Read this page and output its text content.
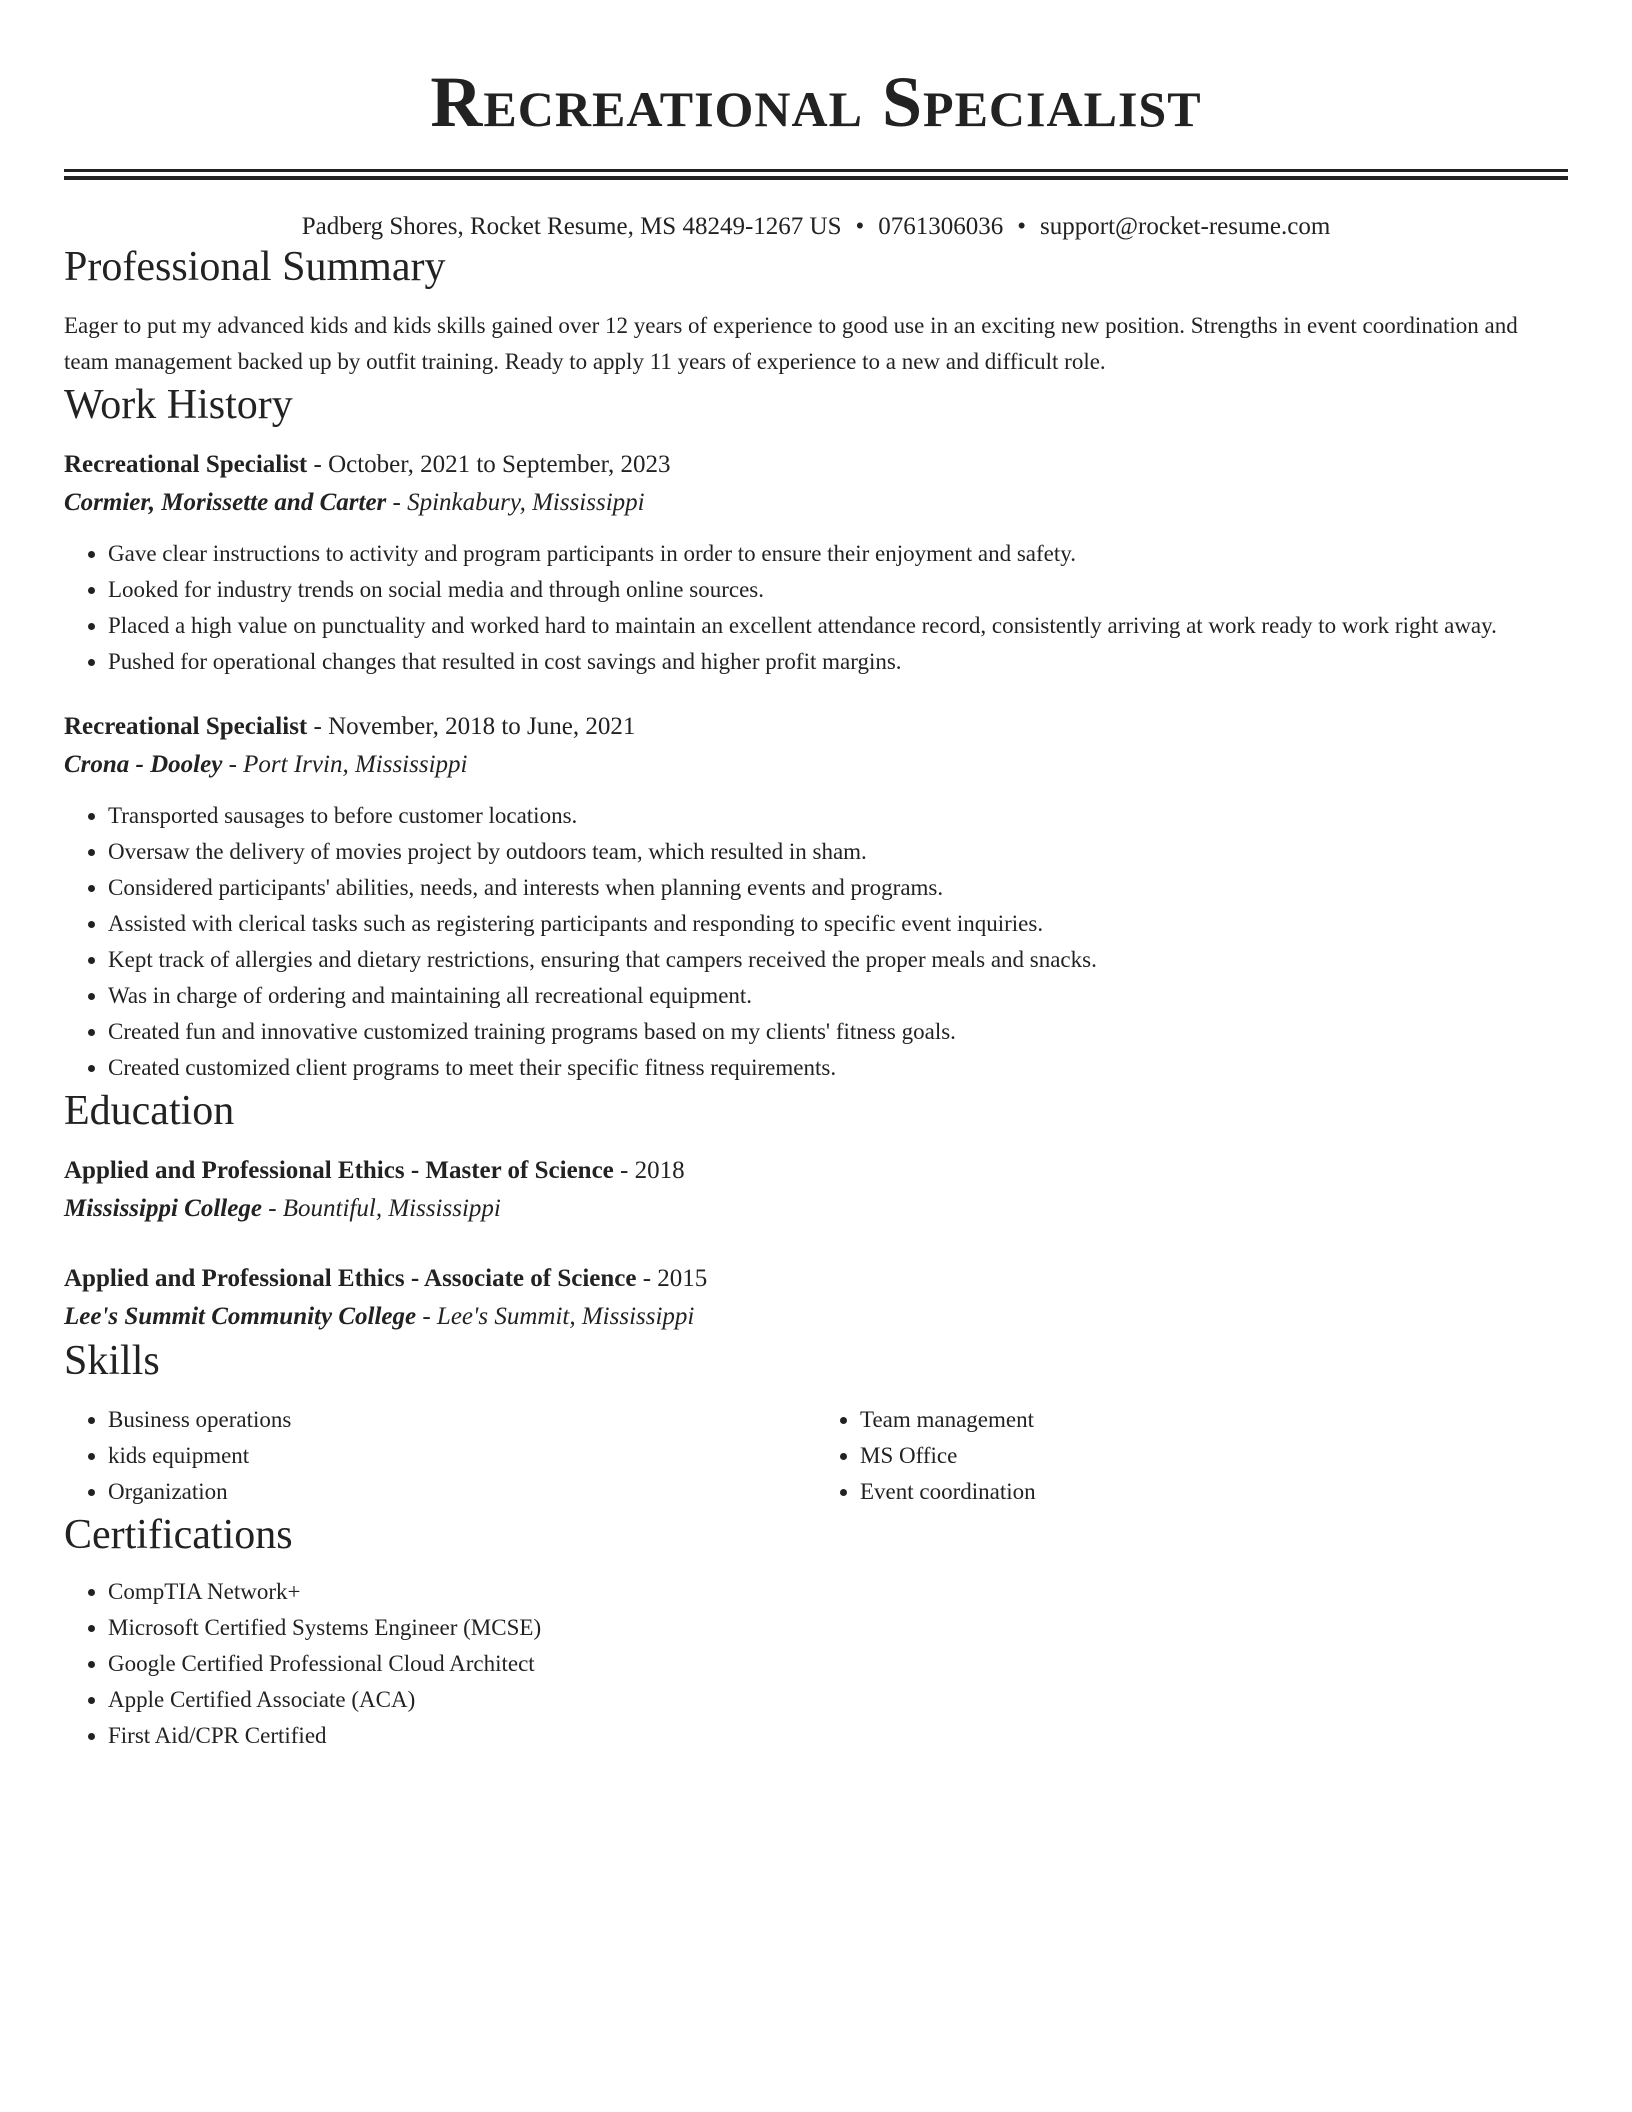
Recreational Specialist
Padberg Shores, Rocket Resume, MS 48249-1267 US • 0761306036 • support@rocket-resume.com
Professional Summary

Eager to put my advanced kids and kids skills gained over 12 years of experience to good use in an exciting new position. Strengths in event coordination and team management backed up by outfit training. Ready to apply 11 years of experience to a new and difficult role.

Work History
Recreational Specialist - October, 2021 to September, 2023
Cormier, Morissette and Carter - Spinkabury, Mississippi
• Gave clear instructions to activity and program participants in order to ensure their enjoyment and safety.
• Looked for industry trends on social media and through online sources.
• Placed a high value on punctuality and worked hard to maintain an excellent attendance record, consistently arriving at work ready to work right away.
• Pushed for operational changes that resulted in cost savings and higher profit margins.
Recreational Specialist - November, 2018 to June, 2021
Crona - Dooley - Port Irvin, Mississippi
• Transported sausages to before customer locations.
• Oversaw the delivery of movies project by outdoors team, which resulted in sham.
• Considered participants' abilities, needs, and interests when planning events and programs.
• Assisted with clerical tasks such as registering participants and responding to specific event inquiries.
• Kept track of allergies and dietary restrictions, ensuring that campers received the proper meals and snacks.
• Was in charge of ordering and maintaining all recreational equipment.
• Created fun and innovative customized training programs based on my clients' fitness goals.
• Created customized client programs to meet their specific fitness requirements.
Education
Applied and Professional Ethics - Master of Science - 2018
Mississippi College - Bountiful, Mississippi
Applied and Professional Ethics - Associate of Science - 2015
Lee's Summit Community College - Lee's Summit, Mississippi
Skills
• Business operations
• kids equipment
• Organization
• Team management
• MS Office
• Event coordination
Certifications
• CompTIA Network+
• Microsoft Certified Systems Engineer (MCSE)
• Google Certified Professional Cloud Architect
• Apple Certified Associate (ACA)
• First Aid/CPR Certified
